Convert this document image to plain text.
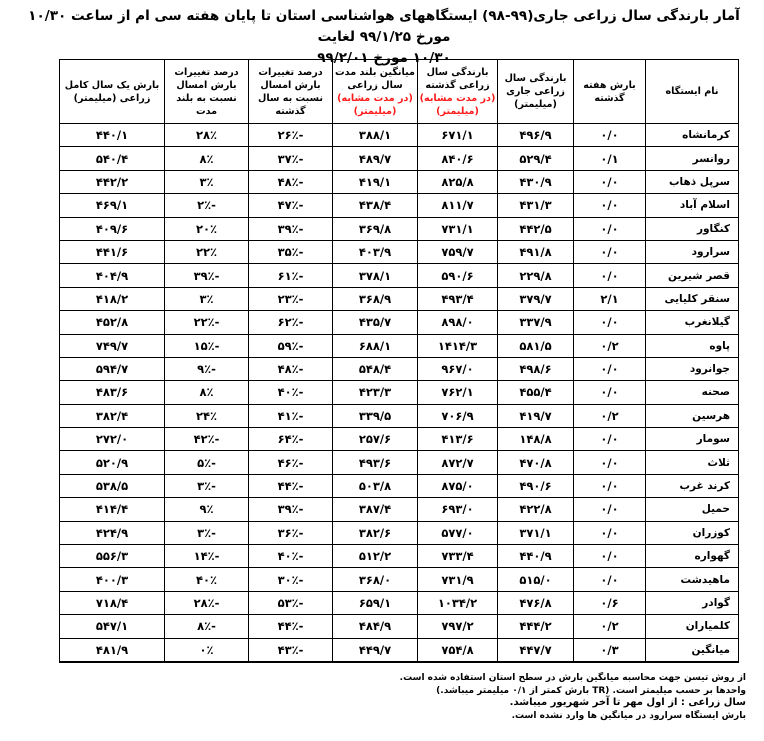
آمار بارندگی سال زراعی جاری(۹۹-۹۸) ایستگاههای هواشناسی استان تا پایان هفته سی ام از ساعت ۱۰/۳۰ مورخ ۹۹/۱/۲۵ لغایت
۱۰/۳۰ مورخ ۹۹/۲/۰۱
نام ایستگاه	بارش هفته گذشته	بارندگی سال زراعی جاری (میلیمتر)	بارندگی سال زراعی گذشته
(در مدت مشابه) (میلیمتر)	میانگین بلند مدت سال زراعی
(در مدت مشابه) (میلیمتر)	درصد تغییرات بارش امسال نسبت به سال گذشته	درصد تغییرات بارش امسال نسبت به بلند مدت	بارش یک سال کامل زراعی (میلیمتر)
کرمانشاه	۰/۰	۴۹۶/۹	۶۷۱/۱	۳۸۸/۱	-۲۶٪	۲۸٪	۴۴۰/۱
روانسر	۰/۱	۵۲۹/۴	۸۴۰/۶	۴۸۹/۷	-۳۷٪	۸٪	۵۴۰/۴
سرپل ذهاب	۰/۰	۴۳۰/۹	۸۲۵/۸	۴۱۹/۱	-۴۸٪	۳٪	۴۴۲/۲
اسلام آباد	۰/۰	۴۳۱/۳	۸۱۱/۷	۴۳۸/۴	-۴۷٪	-۲٪	۴۶۹/۱
کنگاور	۰/۰	۴۴۲/۵	۷۳۱/۱	۳۶۹/۸	-۳۹٪	۲۰٪	۴۰۹/۶
سرارود	۰/۰	۴۹۱/۸	۷۵۹/۷	۴۰۳/۹	-۳۵٪	۲۲٪	۴۴۱/۶
قصر شیرین	۰/۰	۲۲۹/۸	۵۹۰/۶	۳۷۸/۱	-۶۱٪	-۳۹٪	۴۰۴/۹
سنقر کلیایی	۲/۱	۳۷۹/۷	۴۹۳/۴	۳۶۸/۹	-۲۳٪	۳٪	۴۱۸/۲
گیلانغرب	۰/۰	۳۳۷/۹	۸۹۸/۰	۴۳۵/۷	-۶۲٪	-۲۲٪	۴۵۲/۸
پاوه	۰/۲	۵۸۱/۵	۱۴۱۴/۳	۶۸۸/۱	-۵۹٪	-۱۵٪	۷۴۹/۷
جوانرود	۰/۰	۴۹۸/۶	۹۶۷/۰	۵۴۸/۴	-۴۸٪	-۹٪	۵۹۴/۷
صحنه	۰/۰	۴۵۵/۴	۷۶۲/۱	۴۲۳/۳	-۴۰٪	۸٪	۴۸۳/۶
هرسین	۰/۲	۴۱۹/۷	۷۰۶/۹	۳۳۹/۵	-۴۱٪	۲۴٪	۳۸۲/۴
سومار	۰/۰	۱۴۸/۸	۴۱۳/۶	۲۵۷/۶	-۶۴٪	-۴۲٪	۲۷۲/۰
ثلاث	۰/۰	۴۷۰/۸	۸۷۲/۷	۴۹۳/۶	-۴۶٪	-۵٪	۵۲۰/۹
کرند غرب	۰/۰	۴۹۰/۶	۸۷۵/۰	۵۰۳/۸	-۴۴٪	-۳٪	۵۳۸/۵
حمیل	۰/۰	۴۲۲/۸	۶۹۳/۰	۳۸۷/۴	-۳۹٪	۹٪	۴۱۴/۴
کوزران	۰/۰	۳۷۱/۱	۵۷۷/۰	۳۸۲/۶	-۳۶٪	-۳٪	۴۲۴/۹
گهواره	۰/۰	۴۴۰/۹	۷۳۳/۴	۵۱۲/۲	-۴۰٪	-۱۴٪	۵۵۶/۳
ماهیدشت	۰/۰	۵۱۵/۰	۷۳۱/۹	۳۶۸/۰	-۳۰٪	۴۰٪	۴۰۰/۳
گوادر	۰/۶	۴۷۶/۸	۱۰۳۴/۲	۶۵۹/۱	-۵۳٪	-۲۸٪	۷۱۸/۴
کلمیاران	۰/۲	۴۴۴/۲	۷۹۷/۲	۴۸۴/۹	-۴۴٪	-۸٪	۵۴۷/۱
میانگین	۰/۳	۴۴۷/۷	۷۵۴/۸	۴۴۹/۷	-۴۳٪	۰٪	۴۸۱/۹
از روش تیسن جهت محاسبه میانگین بارش در سطح استان استفاده شده است.
واحدها بر حسب میلیمتر است. (TR بارش کمتر از ۰/۱ میلیمتر میباشد.)
سال زراعی : از اول مهر تا آخر شهریور میباشد.
بارش ایستگاه سرارود در میانگین ها وارد نشده است.
